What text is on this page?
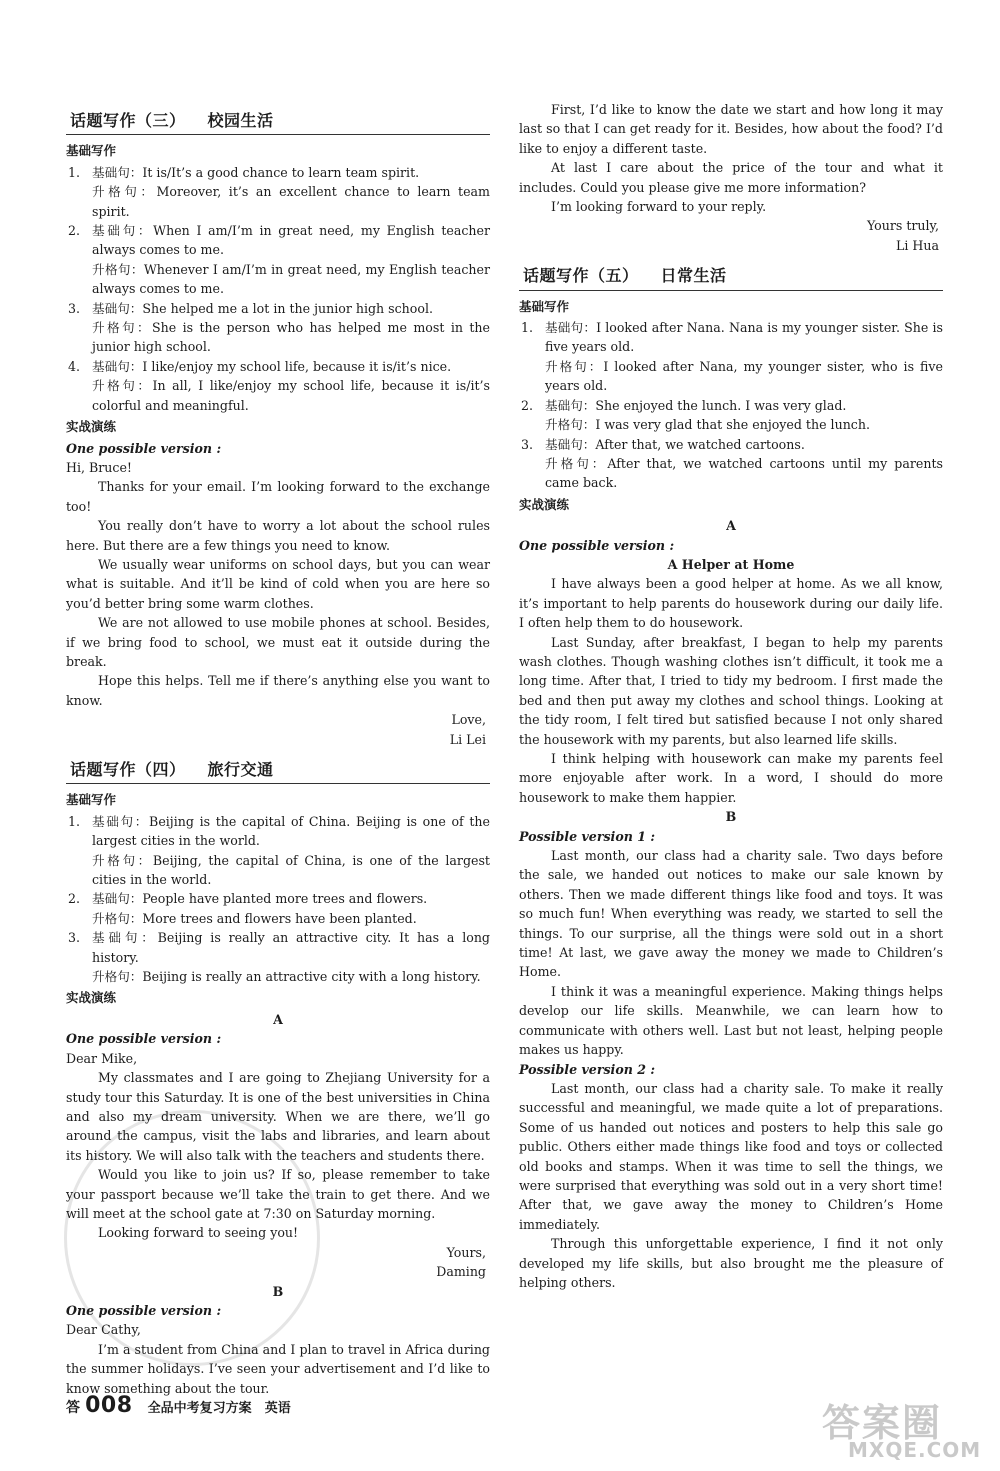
话题写作（三） 校园生活
基础写作
1. 基础句：It is/It’s a good chance to learn team spirit.
升格句：Moreover, it’s an excellent chance to learn team spirit.
2. 基础句：When I am/I’m in great need, my English teacher always comes to me.
升格句：Whenever I am/I’m in great need, my English teacher always comes to me.
3. 基础句：She helped me a lot in the junior high school.
升格句：She is the person who has helped me most in the junior high school.
4. 基础句：I like/enjoy my school life, because it is/it’s nice.
升格句：In all, I like/enjoy my school life, because it is/it’s colorful and meaningful.
实战演练
One possible version :
Hi, Bruce!
Thanks for your email. I’m looking forward to the exchange too!
You really don’t have to worry a lot about the school rules here. But there are a few things you need to know.
We usually wear uniforms on school days, but you can wear what is suitable. And it’ll be kind of cold when you are here so you’d better bring some warm clothes.
We are not allowed to use mobile phones at school. Besides, if we bring food to school, we must eat it outside during the break.
Hope this helps. Tell me if there’s anything else you want to know.
Love,
Li Lei
话题写作（四） 旅行交通
基础写作
1. 基础句：Beijing is the capital of China. Beijing is one of the largest cities in the world.
升格句：Beijing, the capital of China, is one of the largest cities in the world.
2. 基础句：People have planted more trees and flowers.
升格句：More trees and flowers have been planted.
3. 基础句：Beijing is really an attractive city. It has a long history.
升格句：Beijing is really an attractive city with a long history.
实战演练
A
One possible version :
Dear Mike,
My classmates and I are going to Zhejiang University for a study tour this Saturday. It is one of the best universities in China and also my dream university. When we are there, we’ll go around the campus, visit the labs and libraries, and learn about its history. We will also talk with the teachers and students there.
Would you like to join us? If so, please remember to take your passport because we’ll take the train to get there. And we will meet at the school gate at 7:30 on Saturday morning.
Looking forward to seeing you!
Yours,
Daming
B
One possible version :
Dear Cathy,
I’m a student from China and I plan to travel in Africa during the summer holidays. I’ve seen your advertisement and I’d like to know something about the tour.
First, I’d like to know the date we start and how long it may last so that I can get ready for it. Besides, how about the food? I’d like to enjoy a different taste.
At last I care about the price of the tour and what it includes. Could you please give me more information?
I’m looking forward to your reply.
Yours truly,
Li Hua
话题写作（五） 日常生活
基础写作
1. 基础句：I looked after Nana. Nana is my younger sister. She is five years old.
升格句：I looked after Nana, my younger sister, who is five years old.
2. 基础句：She enjoyed the lunch. I was very glad.
升格句：I was very glad that she enjoyed the lunch.
3. 基础句：After that, we watched cartoons.
升格句：After that, we watched cartoons until my parents came back.
实战演练
A
One possible version :
A Helper at Home
I have always been a good helper at home. As we all know, it’s important to help parents do housework during our daily life. I often help them to do housework.
Last Sunday, after breakfast, I began to help my parents wash clothes. Though washing clothes isn’t difficult, it took me a long time. After that, I tried to tidy my bedroom. I first made the bed and then put away my clothes and school things. Looking at the tidy room, I felt tired but satisfied because I not only shared the housework with my parents, but also learned life skills.
I think helping with housework can make my parents feel more enjoyable after work. In a word, I should do more housework to make them happier.
B
Possible version 1 :
Last month, our class had a charity sale. Two days before the sale, we handed out notices to make our sale known by others. Then we made different things like food and toys. It was so much fun! When everything was ready, we started to sell the things. To our surprise, all the things were sold out in a short time! At last, we gave away the money we made to Children’s Home.
I think it was a meaningful experience. Making things helps develop our life skills. Meanwhile, we can learn how to communicate with others well. Last but not least, helping people makes us happy.
Possible version 2 :
Last month, our class had a charity sale. To make it really successful and meaningful, we made quite a lot of preparations. Some of us handed out notices and posters to help this sale go public. Others either made things like food and toys or collected old books and stamps. When it was time to sell the things, we were surprised that everything was sold out in a very short time! After that, we gave away the money to Children’s Home immediately.
Through this unforgettable experience, I find it not only developed my life skills, but also brought me the pleasure of helping others.
答 008 全品中考复习方案 英语	答案圈
MXQE.COM
